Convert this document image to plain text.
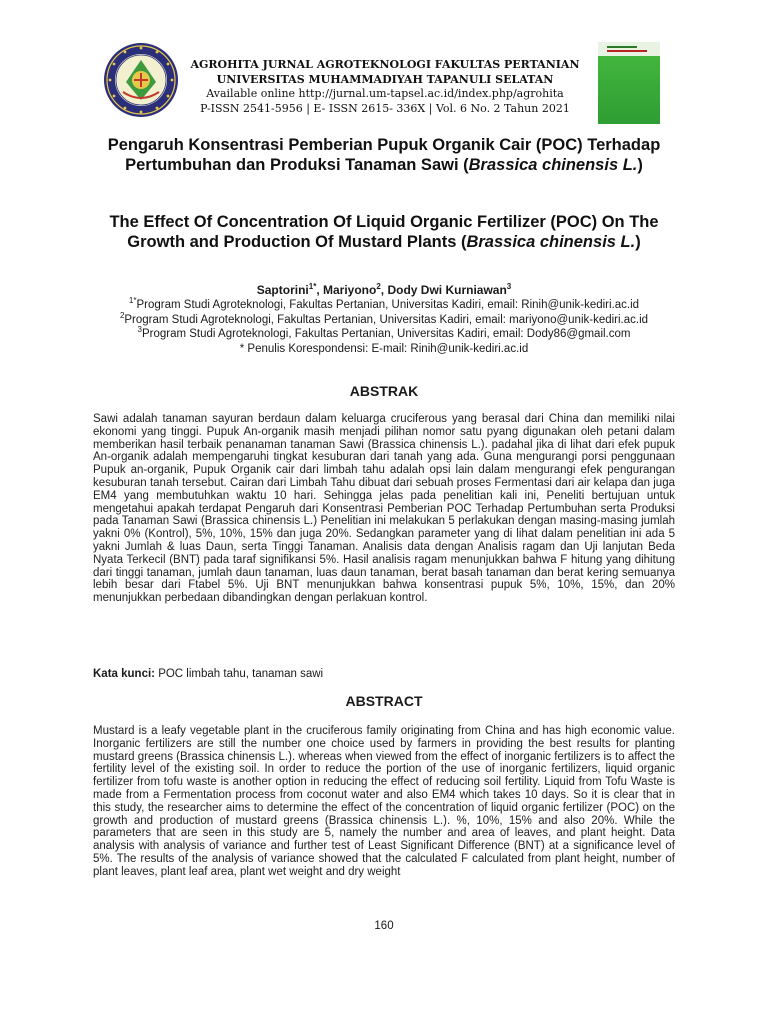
AGROHITA JURNAL AGROTEKNOLOGI FAKULTAS PERTANIAN
UNIVERSITAS MUHAMMADIYAH TAPANULI SELATAN
Available online http://jurnal.um-tapsel.ac.id/index.php/agrohita
P-ISSN 2541-5956 | E- ISSN 2615- 336X | Vol. 6 No. 2 Tahun 2021
Pengaruh Konsentrasi Pemberian Pupuk Organik Cair (POC) Terhadap Pertumbuhan dan Produksi Tanaman Sawi (Brassica chinensis L.)
The Effect Of Concentration Of Liquid Organic Fertilizer (POC) On The Growth and Production Of Mustard Plants (Brassica chinensis L.)
Saptorini$^{1*}$, Mariyono$^2$, Dody Dwi Kurniawan$^3$
$^{1*}$Program Studi Agroteknologi, Fakultas Pertanian, Universitas Kadiri, email: Rinih@unik-kediri.ac.id
$^2$Program Studi Agroteknologi, Fakultas Pertanian, Universitas Kadiri, email: mariyono@unik-kediri.ac.id
$^3$Program Studi Agroteknologi, Fakultas Pertanian, Universitas Kadiri, email: Dody86@gmail.com
* Penulis Korespondensi: E-mail: Rinih@unik-kediri.ac.id
ABSTRAK
Sawi adalah tanaman sayuran berdaun dalam keluarga cruciferous yang berasal dari China dan memiliki nilai ekonomi yang tinggi. Pupuk An-organik masih menjadi pilihan nomor satu pyang digunakan oleh petani dalam memberikan hasil terbaik penanaman tanaman Sawi (Brassica chinensis L.). padahal jika di lihat dari efek pupuk An-organik adalah mempengaruhi tingkat kesuburan dari tanah yang ada. Guna mengurangi porsi penggunaan Pupuk an-organik, Pupuk Organik cair dari limbah tahu adalah opsi lain dalam mengurangi efek pengurangan kesuburan tanah tersebut. Cairan dari Limbah Tahu dibuat dari sebuah proses Fermentasi dari air kelapa dan juga EM4 yang membutuhkan waktu 10 hari. Sehingga jelas pada penelitian kali ini, Peneliti bertujuan untuk mengetahui apakah terdapat Pengaruh dari Konsentrasi Pemberian POC Terhadap Pertumbuhan serta Produksi pada Tanaman Sawi (Brassica chinensis L.) Penelitian ini melakukan 5 perlakukan dengan masing-masing jumlah yakni 0% (Kontrol), 5%, 10%, 15% dan juga 20%. Sedangkan parameter yang di lihat dalam penelitian ini ada 5 yakni Jumlah & luas Daun, serta Tinggi Tanaman. Analisis data dengan Analisis ragam dan Uji lanjutan Beda Nyata Terkecil (BNT) pada taraf signifikansi 5%. Hasil analisis ragam menunjukkan bahwa F hitung yang dihitung dari tinggi tanaman, jumlah daun tanaman, luas daun tanaman, berat basah tanaman dan berat kering semuanya lebih besar dari Ftabel 5%. Uji BNT menunjukkan bahwa konsentrasi pupuk 5%, 10%, 15%, dan 20% menunjukkan perbedaan dibandingkan dengan perlakuan kontrol.
Kata kunci: POC limbah tahu, tanaman sawi
ABSTRACT
Mustard is a leafy vegetable plant in the cruciferous family originating from China and has high economic value. Inorganic fertilizers are still the number one choice used by farmers in providing the best results for planting mustard greens (Brassica chinensis L.). whereas when viewed from the effect of inorganic fertilizers is to affect the fertility level of the existing soil. In order to reduce the portion of the use of inorganic fertilizers, liquid organic fertilizer from tofu waste is another option in reducing the effect of reducing soil fertility. Liquid from Tofu Waste is made from a Fermentation process from coconut water and also EM4 which takes 10 days. So it is clear that in this study, the researcher aims to determine the effect of the concentration of liquid organic fertilizer (POC) on the growth and production of mustard greens (Brassica chinensis L.). %, 10%, 15% and also 20%. While the parameters that are seen in this study are 5, namely the number and area of leaves, and plant height. Data analysis with analysis of variance and further test of Least Significant Difference (BNT) at a significance level of 5%. The results of the analysis of variance showed that the calculated F calculated from plant height, number of plant leaves, plant leaf area, plant wet weight and dry weight
160
